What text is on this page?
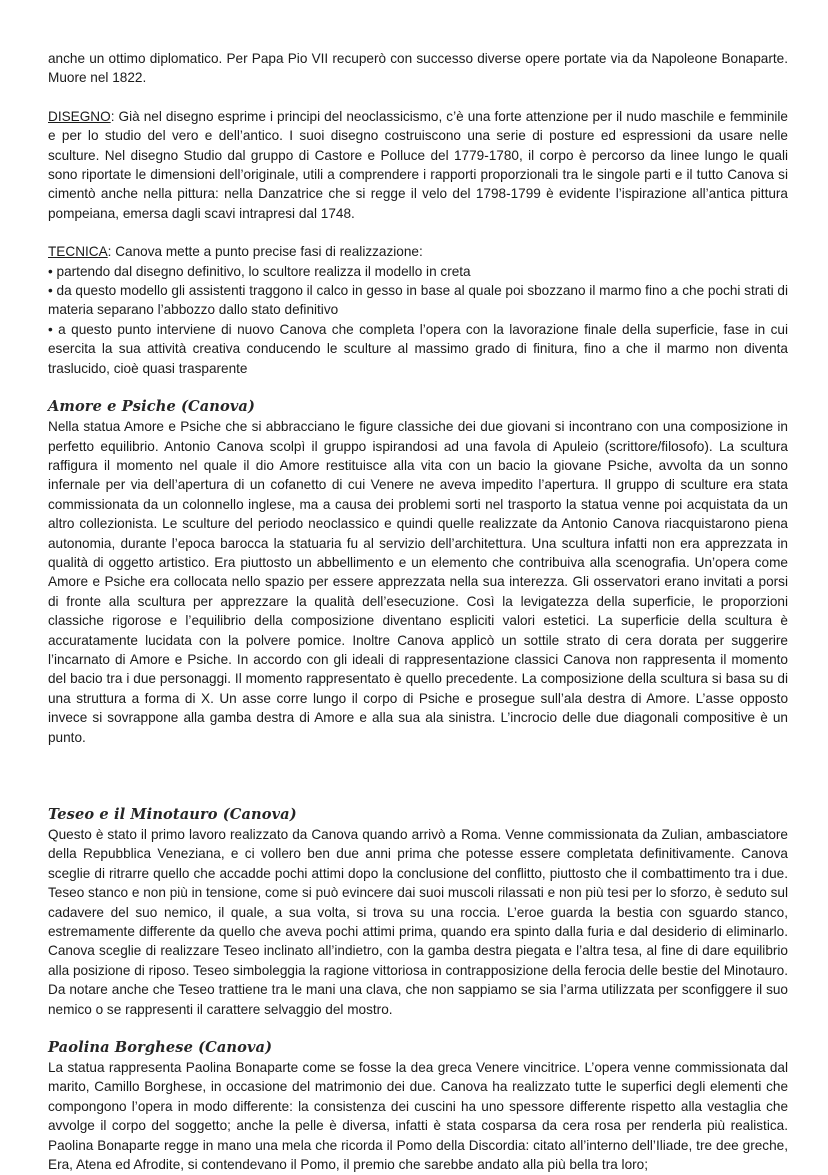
anche un ottimo diplomatico. Per Papa Pio VII recuperò con successo diverse opere portate via da Napoleone Bonaparte. Muore nel 1822.

DISEGNO: Già nel disegno esprime i principi del neoclassicismo, c’è una forte attenzione per il nudo maschile e femminile e per lo studio del vero e dell’antico. I suoi disegno costruiscono una serie di posture ed espressioni da usare nelle sculture. Nel disegno Studio dal gruppo di Castore e Polluce del 1779-1780, il corpo è percorso da linee lungo le quali sono riportate le dimensioni dell’originale, utili a comprendere i rapporti proporzionali tra le singole parti e il tutto Canova si cimentò anche nella pittura: nella Danzatrice che si regge il velo del 1798-1799 è evidente l’ispirazione all’antica pittura pompeiana, emersa dagli scavi intrapresi dal 1748.

TECNICA: Canova mette a punto precise fasi di realizzazione:

• partendo dal disegno definitivo, lo scultore realizza il modello in creta
• da questo modello gli assistenti traggono il calco in gesso in base al quale poi sbozzano il marmo fino a che pochi strati di materia separano l’abbozzo dallo stato definitivo
• a questo punto interviene di nuovo Canova che completa l’opera con la lavorazione finale della superficie, fase in cui esercita la sua attività creativa conducendo le sculture al massimo grado di finitura, fino a che il marmo non diventa traslucido, cioè quasi trasparente
Amore e Psiche (Canova)

Nella statua Amore e Psiche che si abbracciano le figure classiche dei due giovani si incontrano con una composizione in perfetto equilibrio. Antonio Canova scolpì il gruppo ispirandosi ad una favola di Apuleio (scrittore/filosofo). La scultura raffigura il momento nel quale il dio Amore restituisce alla vita con un bacio la giovane Psiche, avvolta da un sonno infernale per via dell’apertura di un cofanetto di cui Venere ne aveva impedito l’apertura. Il gruppo di sculture era stata commissionata da un colonnello inglese, ma a causa dei problemi sorti nel trasporto la statua venne poi acquistata da un altro collezionista. Le sculture del periodo neoclassico e quindi quelle realizzate da Antonio Canova riacquistarono piena autonomia, durante l’epoca barocca la statuaria fu al servizio dell’architettura. Una scultura infatti non era apprezzata in qualità di oggetto artistico. Era piuttosto un abbellimento e un elemento che contribuiva alla scenografia. Un’opera come Amore e Psiche era collocata nello spazio per essere apprezzata nella sua interezza. Gli osservatori erano invitati a porsi di fronte alla scultura per apprezzare la qualità dell’esecuzione. Così la levigatezza della superficie, le proporzioni classiche rigorose e l’equilibrio della composizione diventano espliciti valori estetici. La superficie della scultura è accuratamente lucidata con la polvere pomice. Inoltre Canova applicò un sottile strato di cera dorata per suggerire l’incarnato di Amore e Psiche. In accordo con gli ideali di rappresentazione classici Canova non rappresenta il momento del bacio tra i due personaggi. Il momento rappresentato è quello precedente. La composizione della scultura si basa su di una struttura a forma di X. Un asse corre lungo il corpo di Psiche e prosegue sull’ala destra di Amore. L’asse opposto invece si sovrappone alla gamba destra di Amore e alla sua ala sinistra. L’incrocio delle due diagonali compositive è un punto.

Teseo e il Minotauro (Canova)

Questo è stato il primo lavoro realizzato da Canova quando arrivò a Roma. Venne commissionata da Zulian, ambasciatore della Repubblica Veneziana, e ci vollero ben due anni prima che potesse essere completata definitivamente. Canova sceglie di ritrarre quello che accadde pochi attimi dopo la conclusione del conflitto, piuttosto che il combattimento tra i due. Teseo stanco e non più in tensione, come si può evincere dai suoi muscoli rilassati e non più tesi per lo sforzo, è seduto sul cadavere del suo nemico, il quale, a sua volta, si trova su una roccia. L’eroe guarda la bestia con sguardo stanco, estremamente differente da quello che aveva pochi attimi prima, quando era spinto dalla furia e dal desiderio di eliminarlo. Canova sceglie di realizzare Teseo inclinato all’indietro, con la gamba destra piegata e l’altra tesa, al fine di dare equilibrio alla posizione di riposo. Teseo simboleggia la ragione vittoriosa in contrapposizione della ferocia delle bestie del Minotauro. Da notare anche che Teseo trattiene tra le mani una clava, che non sappiamo se sia l’arma utilizzata per sconfiggere il suo nemico o se rappresenti il carattere selvaggio del mostro.

Paolina Borghese (Canova)

La statua rappresenta Paolina Bonaparte come se fosse la dea greca Venere vincitrice. L’opera venne commissionata dal marito, Camillo Borghese, in occasione del matrimonio dei due. Canova ha realizzato tutte le superfici degli elementi che compongono l’opera in modo differente: la consistenza dei cuscini ha uno spessore differente rispetto alla vestaglia che avvolge il corpo del soggetto; anche la pelle è diversa, infatti è stata cosparsa da cera rosa per renderla più realistica. Paolina Bonaparte regge in mano una mela che ricorda il Pomo della Discordia: citato all’interno dell’Iliade, tre dee greche, Era, Atena ed Afrodite, si contendevano il Pomo, il premio che sarebbe andato alla più bella tra loro;
